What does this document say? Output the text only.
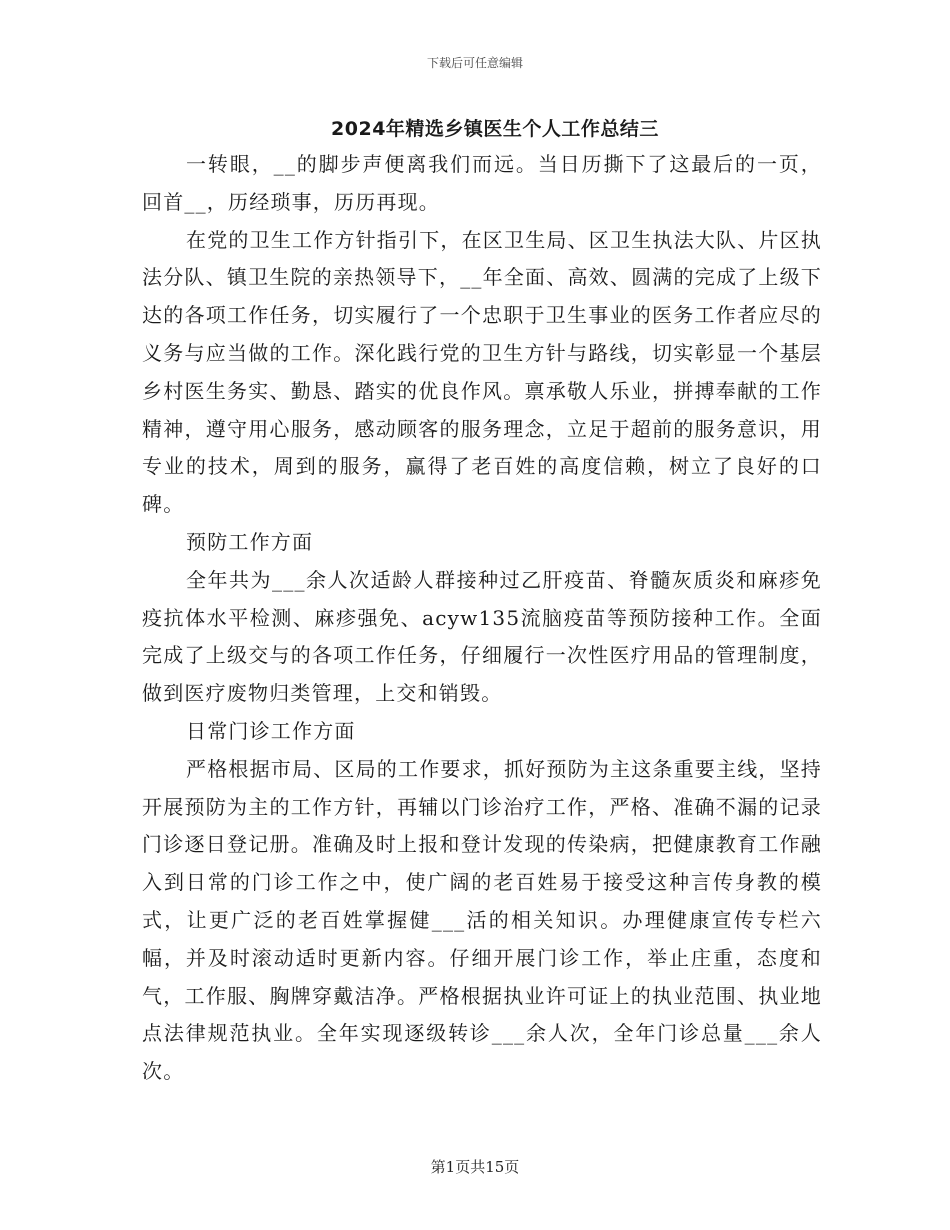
下载后可任意编辑
2024年精选乡镇医生个人工作总结三

一转眼，__的脚步声便离我们而远。当日历撕下了这最后的一页，回首__，历经琐事，历历再现。

在党的卫生工作方针指引下，在区卫生局、区卫生执法大队、片区执法分队、镇卫生院的亲热领导下，__年全面、高效、圆满的完成了上级下达的各项工作任务，切实履行了一个忠职于卫生事业的医务工作者应尽的义务与应当做的工作。深化践行党的卫生方针与路线，切实彰显一个基层乡村医生务实、勤恳、踏实的优良作风。禀承敬人乐业，拼搏奉献的工作精神，遵守用心服务，感动顾客的服务理念，立足于超前的服务意识，用专业的技术，周到的服务，赢得了老百姓的高度信赖，树立了良好的口碑。

预防工作方面

全年共为___余人次适龄人群接种过乙肝疫苗、脊髓灰质炎和麻疹免疫抗体水平检测、麻疹强免、acyw135流脑疫苗等预防接种工作。全面完成了上级交与的各项工作任务，仔细履行一次性医疗用品的管理制度，做到医疗废物归类管理，上交和销毁。

日常门诊工作方面

严格根据市局、区局的工作要求，抓好预防为主这条重要主线，坚持开展预防为主的工作方针，再辅以门诊治疗工作，严格、准确不漏的记录门诊逐日登记册。准确及时上报和登计发现的传染病，把健康教育工作融入到日常的门诊工作之中，使广阔的老百姓易于接受这种言传身教的模式，让更广泛的老百姓掌握健___活的相关知识。办理健康宣传专栏六幅，并及时滚动适时更新内容。仔细开展门诊工作，举止庄重，态度和气，工作服、胸牌穿戴洁净。严格根据执业许可证上的执业范围、执业地点法律规范执业。全年实现逐级转诊___余人次，全年门诊总量___余人次。

第1页共15页
